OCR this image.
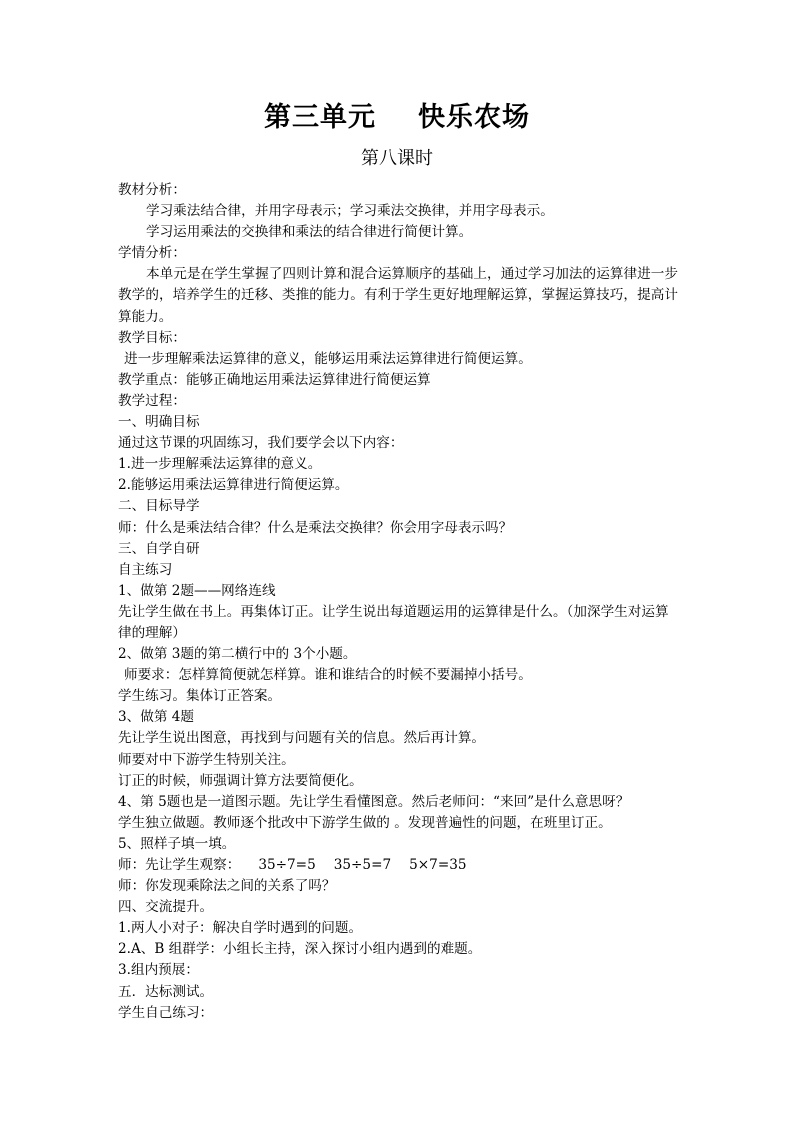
第三单元 快乐农场
第八课时
教材分析：
学习乘法结合律，并用字母表示；学习乘法交换律，并用字母表示。
学习运用乘法的交换律和乘法的结合律进行简便计算。
学情分析：
本单元是在学生掌握了四则计算和混合运算顺序的基础上，通过学习加法的运算律进一步教学的，培养学生的迁移、类推的能力。有利于学生更好地理解运算，掌握运算技巧，提高计算能力。
教学目标：
进一步理解乘法运算律的意义，能够运用乘法运算律进行简便运算。
教学重点：能够正确地运用乘法运算律进行简便运算
教学过程：
一、明确目标
通过这节课的巩固练习，我们要学会以下内容：
1.进一步理解乘法运算律的意义。
2.能够运用乘法运算律进行简便运算。
二、目标导学
师：什么是乘法结合律？什么是乘法交换律？你会用字母表示吗？
三、自学自研
自主练习
1、做第 2题——网络连线
先让学生做在书上。再集体订正。让学生说出每道题运用的运算律是什么。（加深学生对运算律的理解）
2、做第 3题的第二横行中的 3个小题。
师要求：怎样算简便就怎样算。谁和谁结合的时候不要漏掉小括号。
学生练习。集体订正答案。
3、做第 4题
先让学生说出图意，再找到与问题有关的信息。然后再计算。
师要对中下游学生特别关注。
订正的时候，师强调计算方法要简便化。
4、第 5题也是一道图示题。先让学生看懂图意。然后老师问：“来回”是什么意思呀？
学生独立做题。教师逐个批改中下游学生做的 。发现普遍性的问题，在班里订正。
5、照样子填一填。
师：先让学生观察： 35÷7=5 35÷5=7 5×7=35
师：你发现乘除法之间的关系了吗？
四、交流提升。
1.两人小对子：解决自学时遇到的问题。
2.A、B 组群学：小组长主持，深入探讨小组内遇到的难题。
3.组内预展：
五．达标测试。
学生自己练习：
